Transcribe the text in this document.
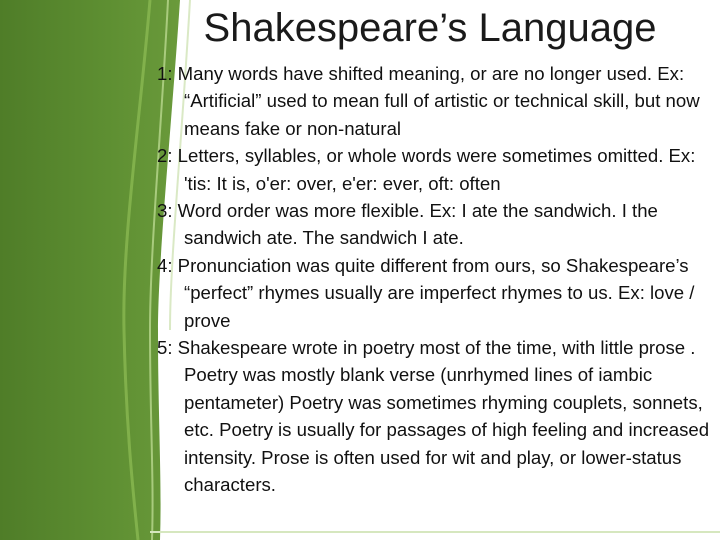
Shakespeare’s Language
1: Many words have shifted meaning, or are no longer used. Ex: “Artificial” used to mean full of artistic or technical skill, but now means fake or non-natural
2: Letters, syllables, or whole words were sometimes omitted. Ex: 'tis: It is, o'er: over, e'er: ever, oft: often
3: Word order was more flexible. Ex: I ate the sandwich. I the sandwich ate. The sandwich I ate.
4: Pronunciation was quite different from ours, so Shakespeare’s “perfect” rhymes usually are imperfect rhymes to us. Ex: love / prove
5: Shakespeare wrote in poetry most of the time, with little prose . Poetry was mostly blank verse (unrhymed lines of iambic pentameter) Poetry was sometimes rhyming couplets, sonnets, etc. Poetry is usually for passages of high feeling and increased intensity. Prose is often used for wit and play, or lower-status characters.
